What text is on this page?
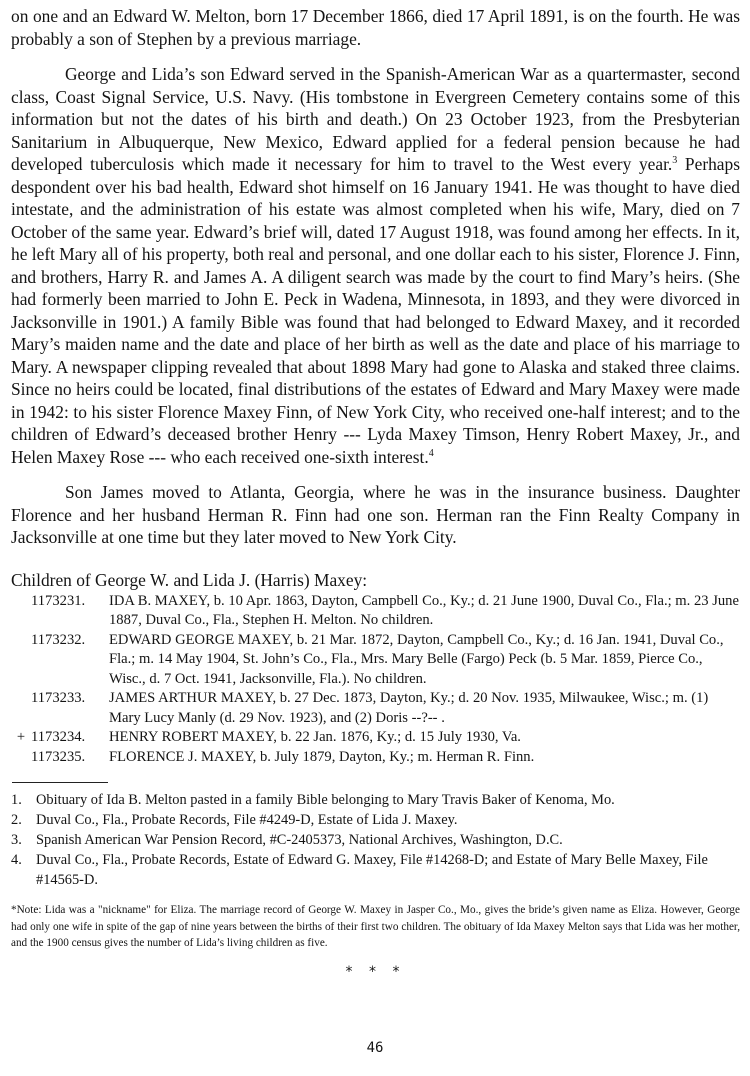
on one and an Edward W. Melton, born 17 December 1866, died 17 April 1891, is on the fourth. He was probably a son of Stephen by a previous marriage.

George and Lida’s son Edward served in the Spanish-American War as a quartermaster, second class, Coast Signal Service, U.S. Navy. (His tombstone in Evergreen Cemetery contains some of this information but not the dates of his birth and death.) On 23 October 1923, from the Presbyterian Sanitarium in Albuquerque, New Mexico, Edward applied for a federal pension because he had developed tuberculosis which made it necessary for him to travel to the West every year.$^3$ Perhaps despondent over his bad health, Edward shot himself on 16 January 1941. He was thought to have died intestate, and the administration of his estate was almost completed when his wife, Mary, died on 7 October of the same year. Edward’s brief will, dated 17 August 1918, was found among her effects. In it, he left Mary all of his property, both real and personal, and one dollar each to his sister, Florence J. Finn, and brothers, Harry R. and James A. A diligent search was made by the court to find Mary’s heirs. (She had formerly been married to John E. Peck in Wadena, Minnesota, in 1893, and they were divorced in Jacksonville in 1901.) A family Bible was found that had belonged to Edward Maxey, and it recorded Mary’s maiden name and the date and place of her birth as well as the date and place of his marriage to Mary. A newspaper clipping revealed that about 1898 Mary had gone to Alaska and staked three claims. Since no heirs could be located, final distributions of the estates of Edward and Mary Maxey were made in 1942: to his sister Florence Maxey Finn, of New York City, who received one-half interest; and to the children of Edward’s deceased brother Henry --- Lyda Maxey Timson, Henry Robert Maxey, Jr., and Helen Maxey Rose --- who each received one-sixth interest.$^4$

Son James moved to Atlanta, Georgia, where he was in the insurance business. Daughter Florence and her husband Herman R. Finn had one son. Herman ran the Finn Realty Company in Jacksonville at one time but they later moved to New York City.

Children of George W. and Lida J. (Harris) Maxey:
1173231.	IDA B. MAXEY, b. 10 Apr. 1863, Dayton, Campbell Co., Ky.; d. 21 June 1900, Duval Co., Fla.; m. 23 June 1887, Duval Co., Fla., Stephen H. Melton. No children.
1173232.	EDWARD GEORGE MAXEY, b. 21 Mar. 1872, Dayton, Campbell Co., Ky.; d. 16 Jan. 1941, Duval Co., Fla.; m. 14 May 1904, St. John’s Co., Fla., Mrs. Mary Belle (Fargo) Peck (b. 5 Mar. 1859, Pierce Co., Wisc., d. 7 Oct. 1941, Jacksonville, Fla.). No children.
1173233.	JAMES ARTHUR MAXEY, b. 27 Dec. 1873, Dayton, Ky.; d. 20 Nov. 1935, Milwaukee, Wisc.; m. (1) Mary Lucy Manly (d. 29 Nov. 1923), and (2) Doris --?-- .
+ 1173234.	HENRY ROBERT MAXEY, b. 22 Jan. 1876, Ky.; d. 15 July 1930, Va.
1173235.	FLORENCE J. MAXEY, b. July 1879, Dayton, Ky.; m. Herman R. Finn.
1. Obituary of Ida B. Melton pasted in a family Bible belonging to Mary Travis Baker of Kenoma, Mo.
2. Duval Co., Fla., Probate Records, File #4249-D, Estate of Lida J. Maxey.
3. Spanish American War Pension Record, #C-2405373, National Archives, Washington, D.C.
4. Duval Co., Fla., Probate Records, Estate of Edward G. Maxey, File #14268-D; and Estate of Mary Belle Maxey, File #14565-D.
*Note: Lida was a "nickname" for Eliza. The marriage record of George W. Maxey in Jasper Co., Mo., gives the bride’s given name as Eliza. However, George had only one wife in spite of the gap of nine years between the births of their first two children. The obituary of Ida Maxey Melton says that Lida was her mother, and the 1900 census gives the number of Lida’s living children as five.
* * *
46
